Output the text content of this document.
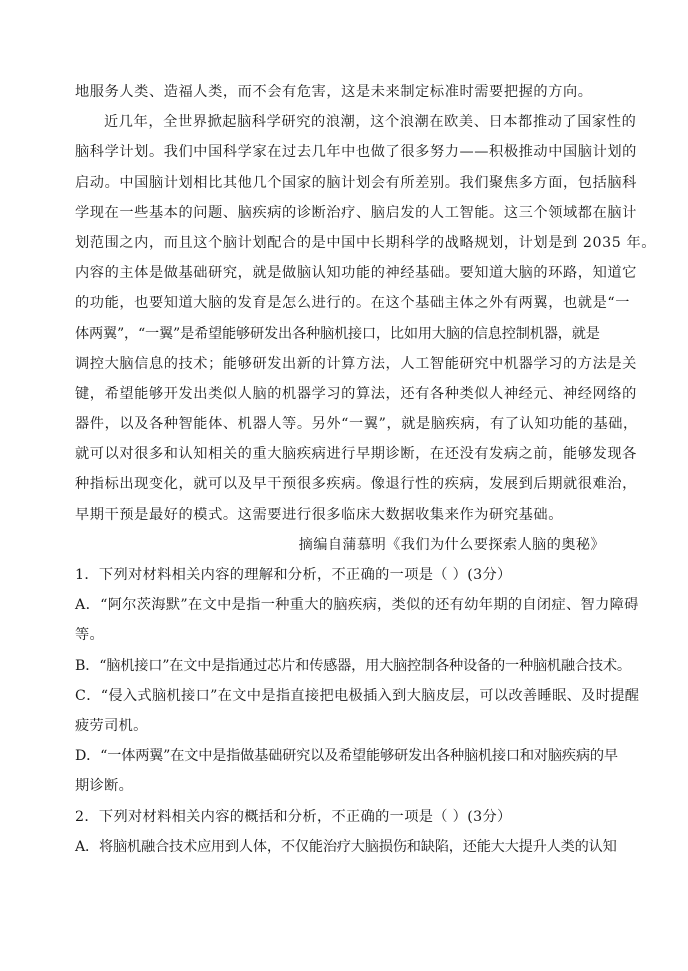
地服务人类、造福人类，而不会有危害，这是未来制定标准时需要把握的方向。
近几年，全世界掀起脑科学研究的浪潮，这个浪潮在欧美、日本都推动了国家性的
脑科学计划。我们中国科学家在过去几年中也做了很多努力——积极推动中国脑计划的
启动。中国脑计划相比其他几个国家的脑计划会有所差别。我们聚焦多方面，包括脑科
学现在一些基本的问题、脑疾病的诊断治疗、脑启发的人工智能。这三个领域都在脑计
划范围之内，而且这个脑计划配合的是中国中长期科学的战略规划，计划是到 2035 年。
内容的主体是做基础研究，就是做脑认知功能的神经基础。要知道大脑的环路，知道它
的功能，也要知道大脑的发育是怎么进行的。在这个基础主体之外有两翼，也就是“一
体两翼”，“一翼”是希望能够研发出各种脑机接口，比如用大脑的信息控制机器，就是
调控大脑信息的技术；能够研发出新的计算方法，人工智能研究中机器学习的方法是关
键，希望能够开发出类似人脑的机器学习的算法，还有各种类似人神经元、神经网络的
器件，以及各种智能体、机器人等。另外“一翼”，就是脑疾病，有了认知功能的基础，
就可以对很多和认知相关的重大脑疾病进行早期诊断，在还没有发病之前，能够发现各
种指标出现变化，就可以及早干预很多疾病。像退行性的疾病，发展到后期就很难治，
早期干预是最好的模式。这需要进行很多临床大数据收集来作为研究基础。
摘编自蒲慕明《我们为什么要探索人脑的奥秘》
1．下列对材料相关内容的理解和分析，不正确的一项是（ ）(3分）
A．“阿尔茨海默”在文中是指一种重大的脑疾病，类似的还有幼年期的自闭症、智力障碍
等。
B．“脑机接口”在文中是指通过芯片和传感器，用大脑控制各种设备的一种脑机融合技术。
C．“侵入式脑机接口”在文中是指直接把电极插入到大脑皮层，可以改善睡眠、及时提醒
疲劳司机。
D．“一体两翼”在文中是指做基础研究以及希望能够研发出各种脑机接口和对脑疾病的早
期诊断。
2．下列对材料相关内容的概括和分析，不正确的一项是（ ）(3分）
A．将脑机融合技术应用到人体，不仅能治疗大脑损伤和缺陷，还能大大提升人类的认知
